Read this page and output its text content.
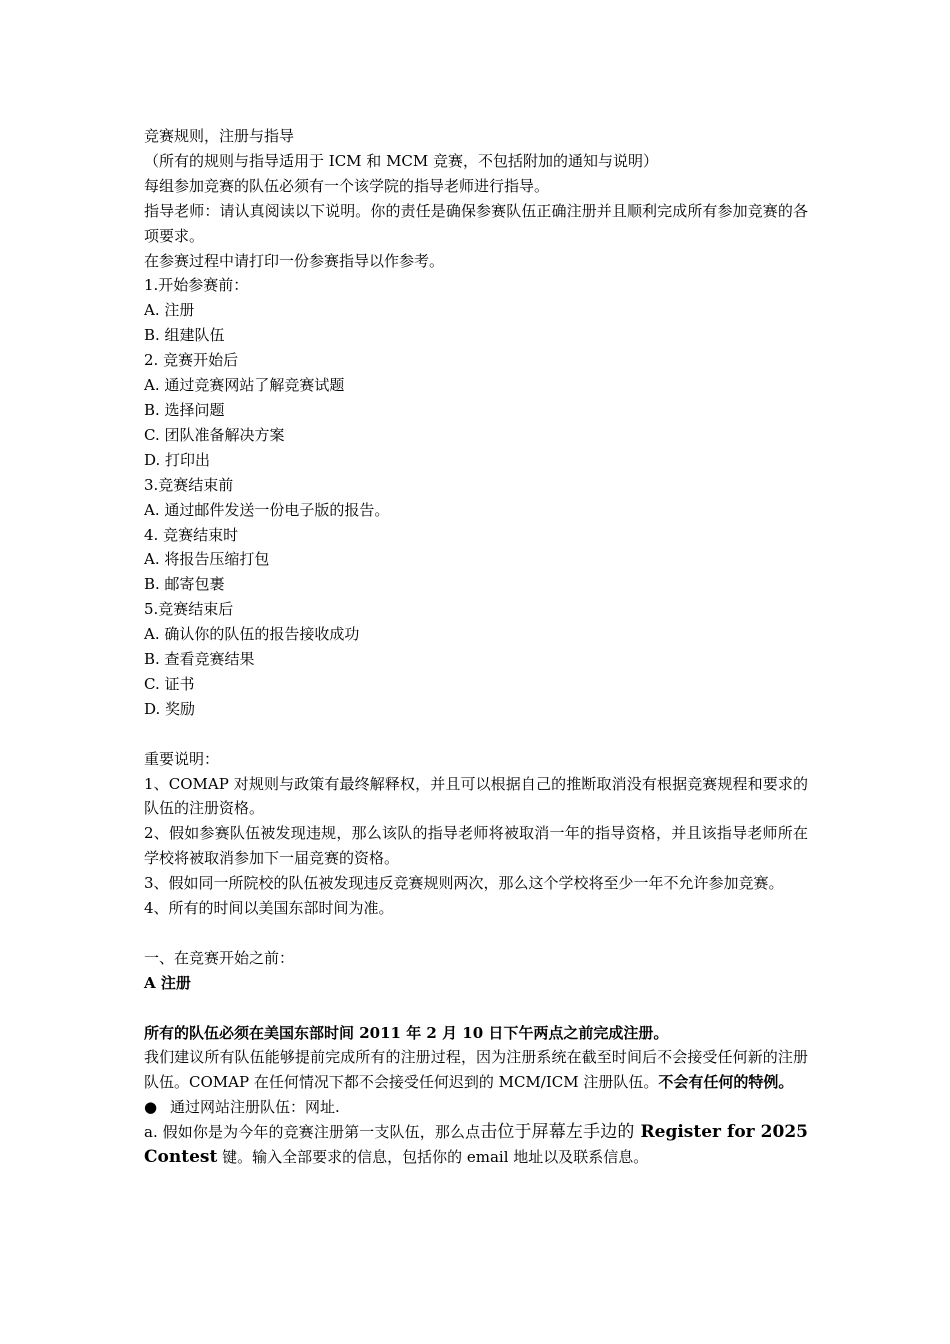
竞赛规则，注册与指导

（所有的规则与指导适用于 ICM 和 MCM 竞赛，不包括附加的通知与说明）

每组参加竞赛的队伍必须有一个该学院的指导老师进行指导。

指导老师：请认真阅读以下说明。你的责任是确保参赛队伍正确注册并且顺利完成所有参加竞赛的各项要求。

在参赛过程中请打印一份参赛指导以作参考。

1.开始参赛前：

A. 注册

B. 组建队伍

2. 竞赛开始后

A. 通过竞赛网站了解竞赛试题

B. 选择问题

C. 团队准备解决方案

D. 打印出

3.竞赛结束前

A. 通过邮件发送一份电子版的报告。

4. 竞赛结束时

A. 将报告压缩打包

B. 邮寄包裹

5.竞赛结束后

A. 确认你的队伍的报告接收成功

B. 查看竞赛结果

C. 证书

D. 奖励

重要说明：

1、COMAP 对规则与政策有最终解释权，并且可以根据自己的推断取消没有根据竞赛规程和要求的队伍的注册资格。

2、假如参赛队伍被发现违规，那么该队的指导老师将被取消一年的指导资格，并且该指导老师所在学校将被取消参加下一届竞赛的资格。

3、假如同一所院校的队伍被发现违反竞赛规则两次，那么这个学校将至少一年不允许参加竞赛。

4、所有的时间以美国东部时间为准。

一、在竞赛开始之前：

A 注册

所有的队伍必须在美国东部时间 2011 年 2 月 10 日下午两点之前完成注册。

我们建议所有队伍能够提前完成所有的注册过程，因为注册系统在截至时间后不会接受任何新的注册队伍。COMAP 在任何情况下都不会接受任何迟到的 MCM/ICM 注册队伍。不会有任何的特例。

● 通过网站注册队伍：网址.

a. 假如你是为今年的竞赛注册第一支队伍，那么点击位于屏幕左手边的 Register for 2025 Contest 键。输入全部要求的信息，包括你的 email 地址以及联系信息。
